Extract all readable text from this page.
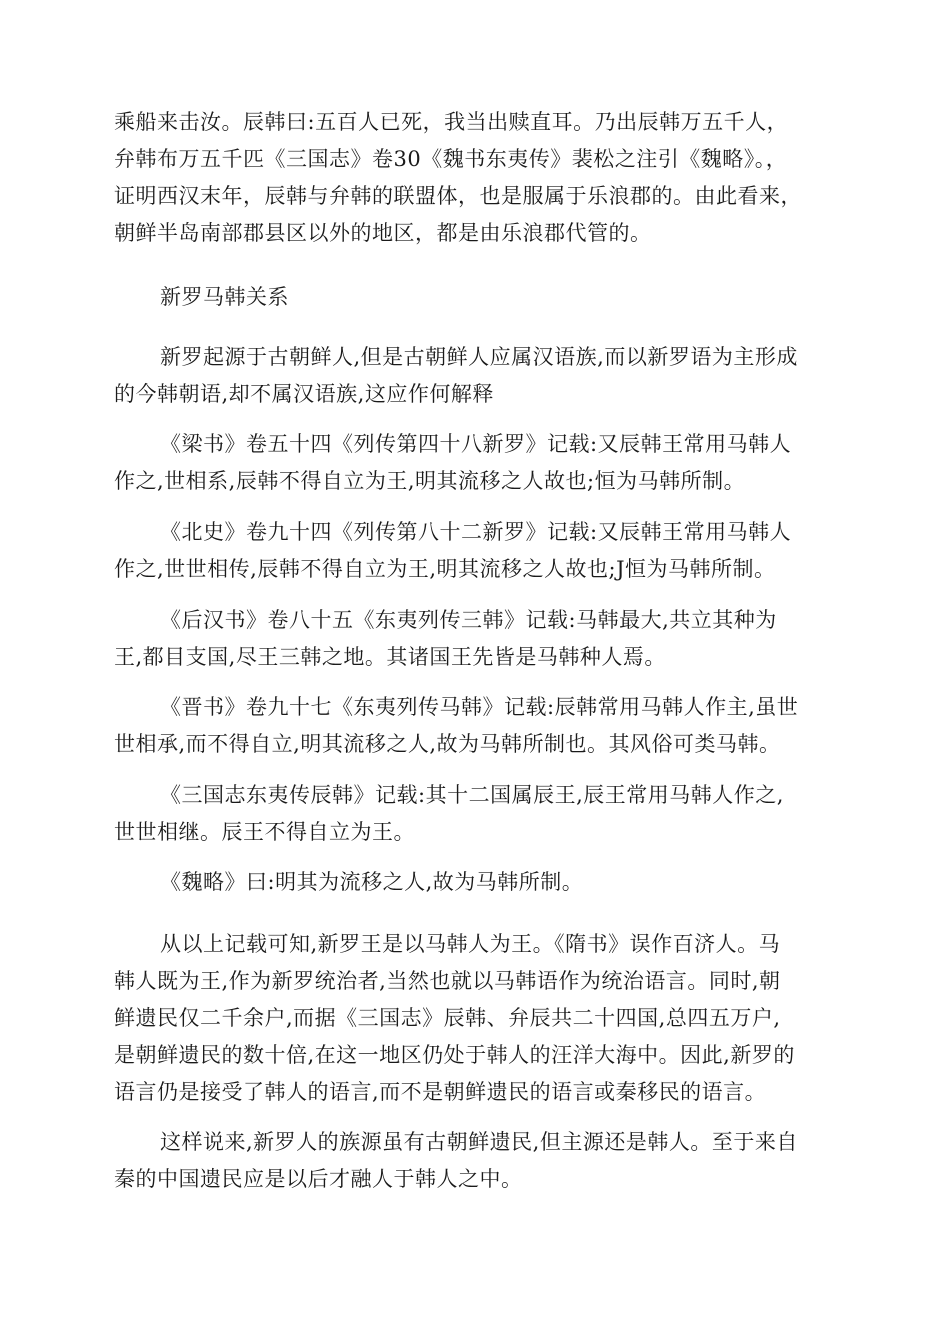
乘船来击汝。辰韩曰:五百人已死，我当出赎直耳。乃出辰韩万五千人，
弁韩布万五千匹《三国志》卷30《魏书东夷传》裴松之注引《魏略》。，
证明西汉末年，辰韩与弁韩的联盟体，也是服属于乐浪郡的。由此看来，
朝鲜半岛南部郡县区以外的地区，都是由乐浪郡代管的。
新罗马韩关系
新罗起源于古朝鲜人,但是古朝鲜人应属汉语族,而以新罗语为主形成
的今韩朝语,却不属汉语族,这应作何解释
《梁书》卷五十四《列传第四十八新罗》记载:又辰韩王常用马韩人
作之,世相系,辰韩不得自立为王,明其流移之人故也;恒为马韩所制。
《北史》卷九十四《列传第八十二新罗》记载:又辰韩王常用马韩人
作之,世世相传,辰韩不得自立为王,明其流移之人故也;J恒为马韩所制。
《后汉书》卷八十五《东夷列传三韩》记载:马韩最大,共立其种为
王,都目支国,尽王三韩之地。其诸国王先皆是马韩种人焉。
《晋书》卷九十七《东夷列传马韩》记载:辰韩常用马韩人作主,虽世
世相承,而不得自立,明其流移之人,故为马韩所制也。其风俗可类马韩。
《三国志东夷传辰韩》记载:其十二国属辰王,辰王常用马韩人作之,
世世相继。辰王不得自立为王。
《魏略》曰:明其为流移之人,故为马韩所制。
从以上记载可知,新罗王是以马韩人为王。《隋书》误作百济人。马
韩人既为王,作为新罗统治者,当然也就以马韩语作为统治语言。同时,朝
鲜遗民仅二千余户,而据《三国志》辰韩、弁辰共二十四国,总四五万户,
是朝鲜遗民的数十倍,在这一地区仍处于韩人的汪洋大海中。因此,新罗的
语言仍是接受了韩人的语言,而不是朝鲜遗民的语言或秦移民的语言。
这样说来,新罗人的族源虽有古朝鲜遗民,但主源还是韩人。至于来自
秦的中国遗民应是以后才融人于韩人之中。
